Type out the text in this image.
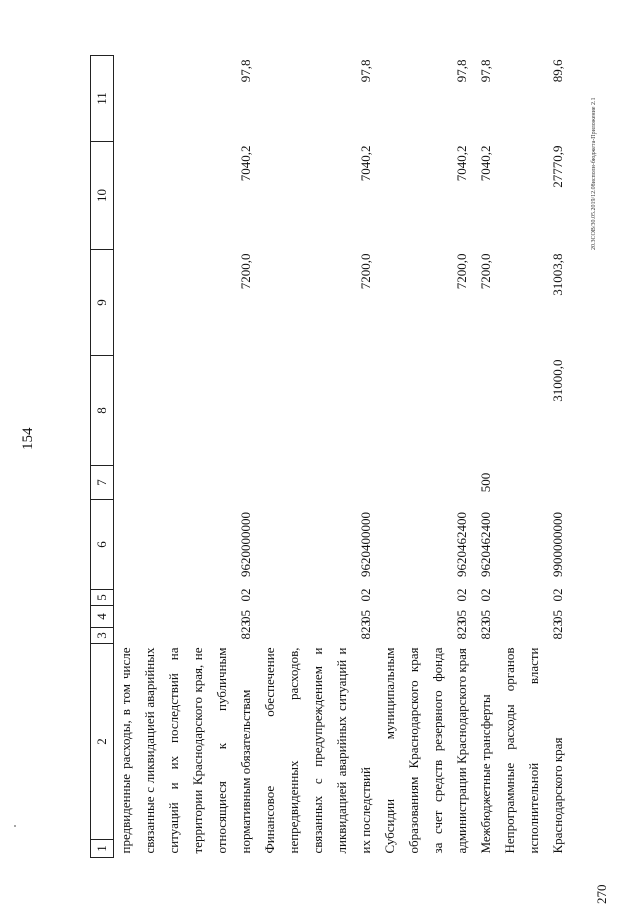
154
20.3СОВ/30.05.2019/12.08исполн-бюджета-Приложение 2.1
270
1	2	3	4	5	6	7	8	9	10	11
предвиденные расходы, в том числе связанные с ликвидацией аварийных ситуаций и их последствий на территории Краснодарского края, не относящиеся к публичным нормативным обязательствам		823	05	02	9620000000			7200,0	7040,2	97,8
Финансовое обеспечение непредвиденных расходов, связанных с предупреждением и ликвидацией аварийных ситуаций и их последствий		823	05	02	9620400000			7200,0	7040,2	97,8
Субсидии муниципальным образованиям Краснодарского края за счет средств резервного фонда администрации Краснодарского края		823	05	02	9620462400			7200,0	7040,2	97,8
Межбюджетные трансферты		823	05	02	9620462400	500		7200,0	7040,2	97,8
Непрограммные расходы органов исполнительной власти Краснодарского края		823	05	02	9900000000		31000,0	31003,8	27770,9	89,6
